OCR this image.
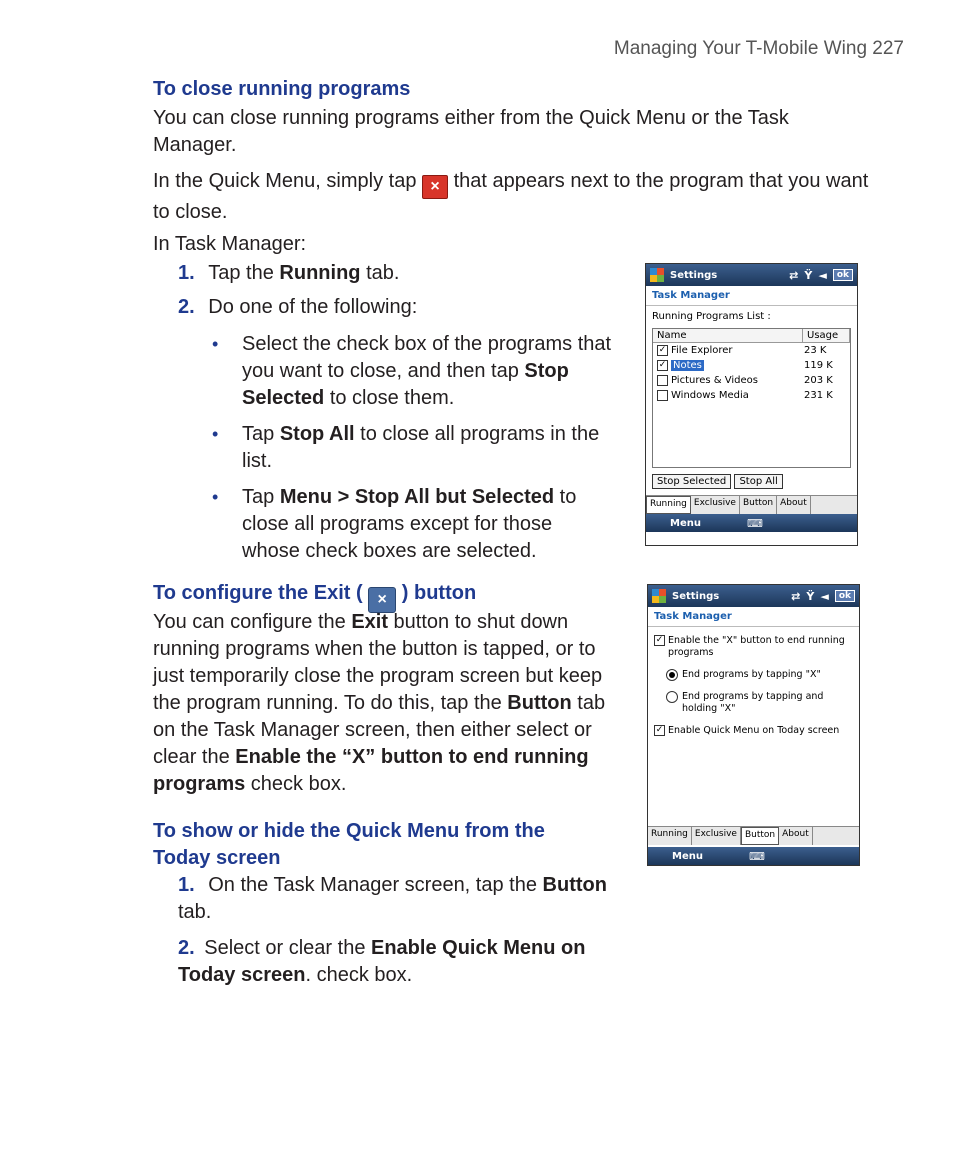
Managing Your T-Mobile Wing 227
To close running programs
You can close running programs either from the Quick Menu or the Task Manager.
In the Quick Menu, simply tap × that appears next to the program that you want to close.
In Task Manager:
1. Tap the Running tab.
2. Do one of the following:
• Select the check box of the programs that you want to close, and then tap Stop Selected to close them.
• Tap Stop All to close all programs in the list.
• Tap Menu > Stop All but Selected to close all programs except for those whose check boxes are selected.
To configure the Exit ( × ) button
You can configure the Exit button to shut down running programs when the button is tapped, or to just temporarily close the program screen but keep the program running. To do this, tap the Button tab on the Task Manager screen, then either select or clear the Enable the “X” button to end running programs check box.
To show or hide the Quick Menu from the Today screen
1. On the Task Manager screen, tap the Button tab.
2. Select or clear the Enable Quick Menu on Today screen. check box.
Settings	⇄ Ÿ ◄	ok
Task Manager
Running Programs List :
Name	Usage
✓ File Explorer	23 K
✓ Notes	119 K
Pictures & Videos	203 K
Windows Media	231 K
Stop Selected Stop All
Running Exclusive Button About
Menu	⌨
Settings	⇄ Ÿ ◄	ok
Task Manager
✓ Enable the "X" button to end running programs
End programs by tapping "X"
End programs by tapping and holding "X"
✓ Enable Quick Menu on Today screen
Running Exclusive Button About
Menu	⌨
